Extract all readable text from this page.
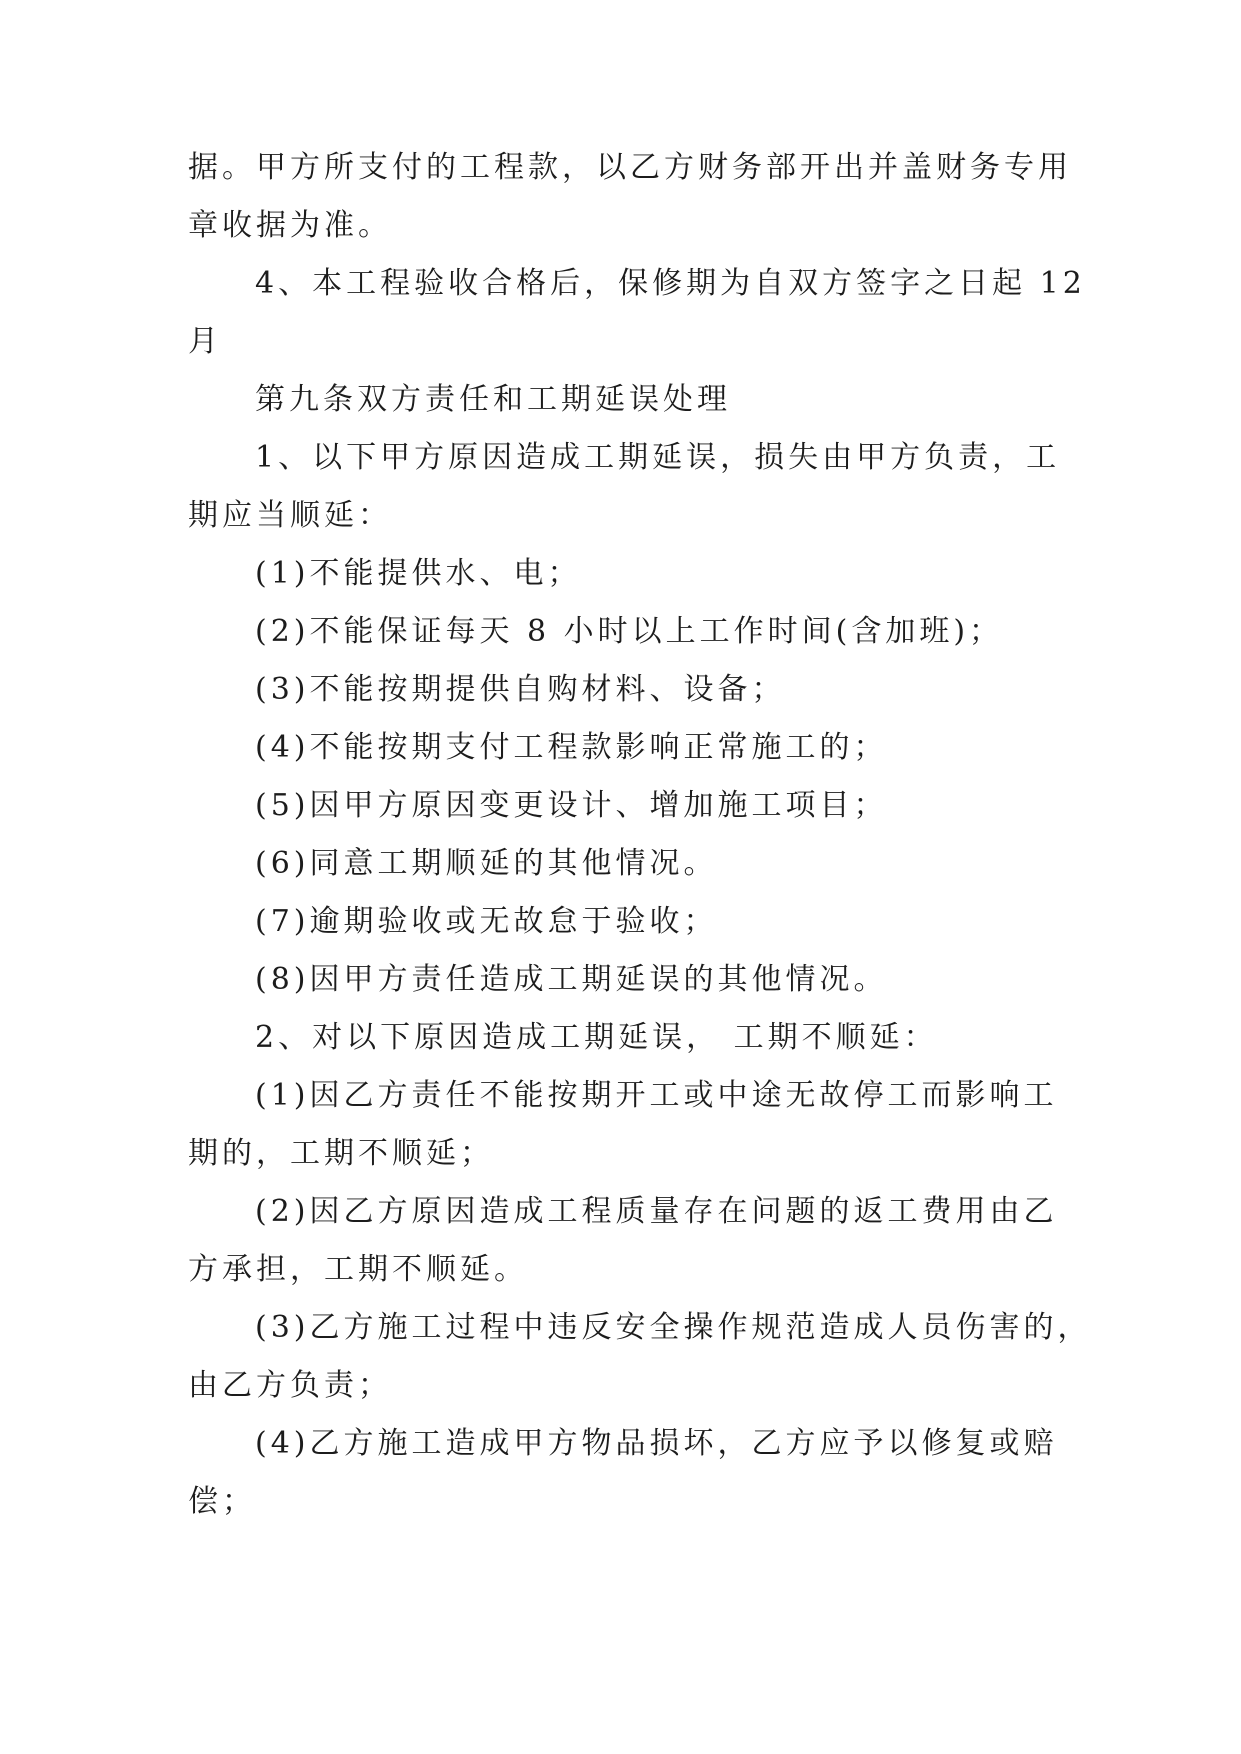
据。甲方所支付的工程款，以乙方财务部开出并盖财务专用
章收据为准。
4、本工程验收合格后，保修期为自双方签字之日起 12
月
第九条双方责任和工期延误处理
1、以下甲方原因造成工期延误，损失由甲方负责，工
期应当顺延：
(1)不能提供水、电；
(2)不能保证每天 8 小时以上工作时间(含加班)；
(3)不能按期提供自购材料、设备；
(4)不能按期支付工程款影响正常施工的；
(5)因甲方原因变更设计、增加施工项目；
(6)同意工期顺延的其他情况。
(7)逾期验收或无故怠于验收；
(8)因甲方责任造成工期延误的其他情况。
2、对以下原因造成工期延误， 工期不顺延：
(1)因乙方责任不能按期开工或中途无故停工而影响工
期的，工期不顺延；
(2)因乙方原因造成工程质量存在问题的返工费用由乙
方承担，工期不顺延。
(3)乙方施工过程中违反安全操作规范造成人员伤害的，
由乙方负责；
(4)乙方施工造成甲方物品损坏，乙方应予以修复或赔
偿；
